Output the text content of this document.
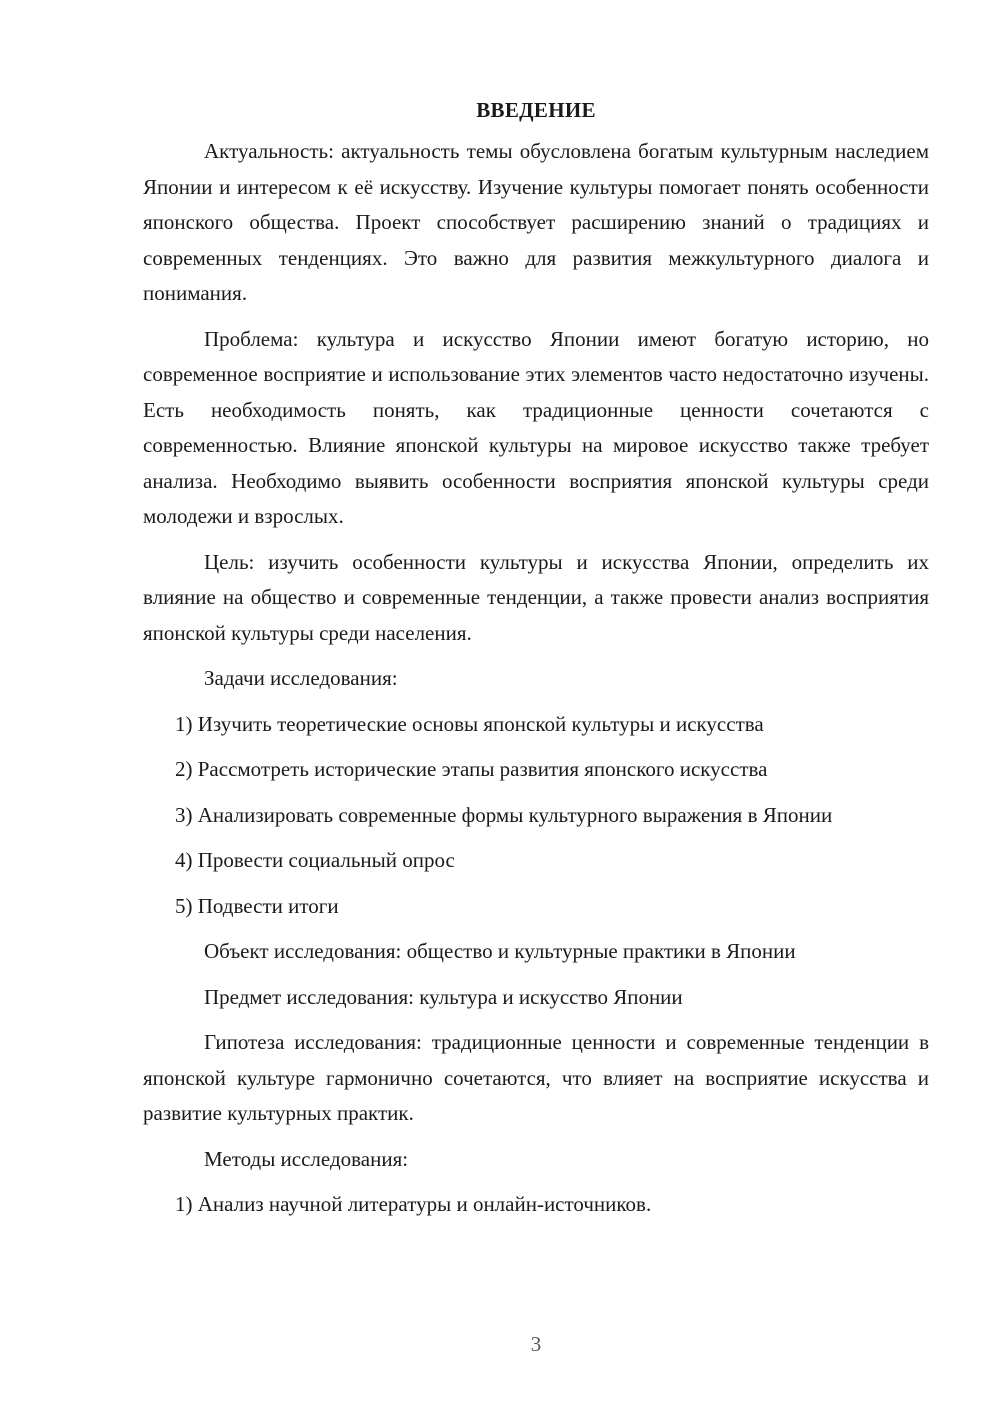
ВВЕДЕНИЕ

Актуальность: актуальность темы обусловлена богатым культурным наследием Японии и интересом к её искусству. Изучение культуры помогает понять особенности японского общества. Проект способствует расширению знаний о традициях и современных тенденциях. Это важно для развития межкультурного диалога и понимания.

Проблема: культура и искусство Японии имеют богатую историю, но современное восприятие и использование этих элементов часто недостаточно изучены. Есть необходимость понять, как традиционные ценности сочетаются с современностью. Влияние японской культуры на мировое искусство также требует анализа. Необходимо выявить особенности восприятия японской культуры среди молодежи и взрослых.

Цель: изучить особенности культуры и искусства Японии, определить их влияние на общество и современные тенденции, а также провести анализ восприятия японской культуры среди населения.

Задачи исследования:

1) Изучить теоретические основы японской культуры и искусства

2) Рассмотреть исторические этапы развития японского искусства

3) Анализировать современные формы культурного выражения в Японии

4) Провести социальный опрос

5) Подвести итоги

Объект исследования: общество и культурные практики в Японии

Предмет исследования: культура и искусство Японии

Гипотеза исследования: традиционные ценности и современные тенденции в японской культуре гармонично сочетаются, что влияет на восприятие искусства и развитие культурных практик.

Методы исследования:

1) Анализ научной литературы и онлайн-источников.

3
